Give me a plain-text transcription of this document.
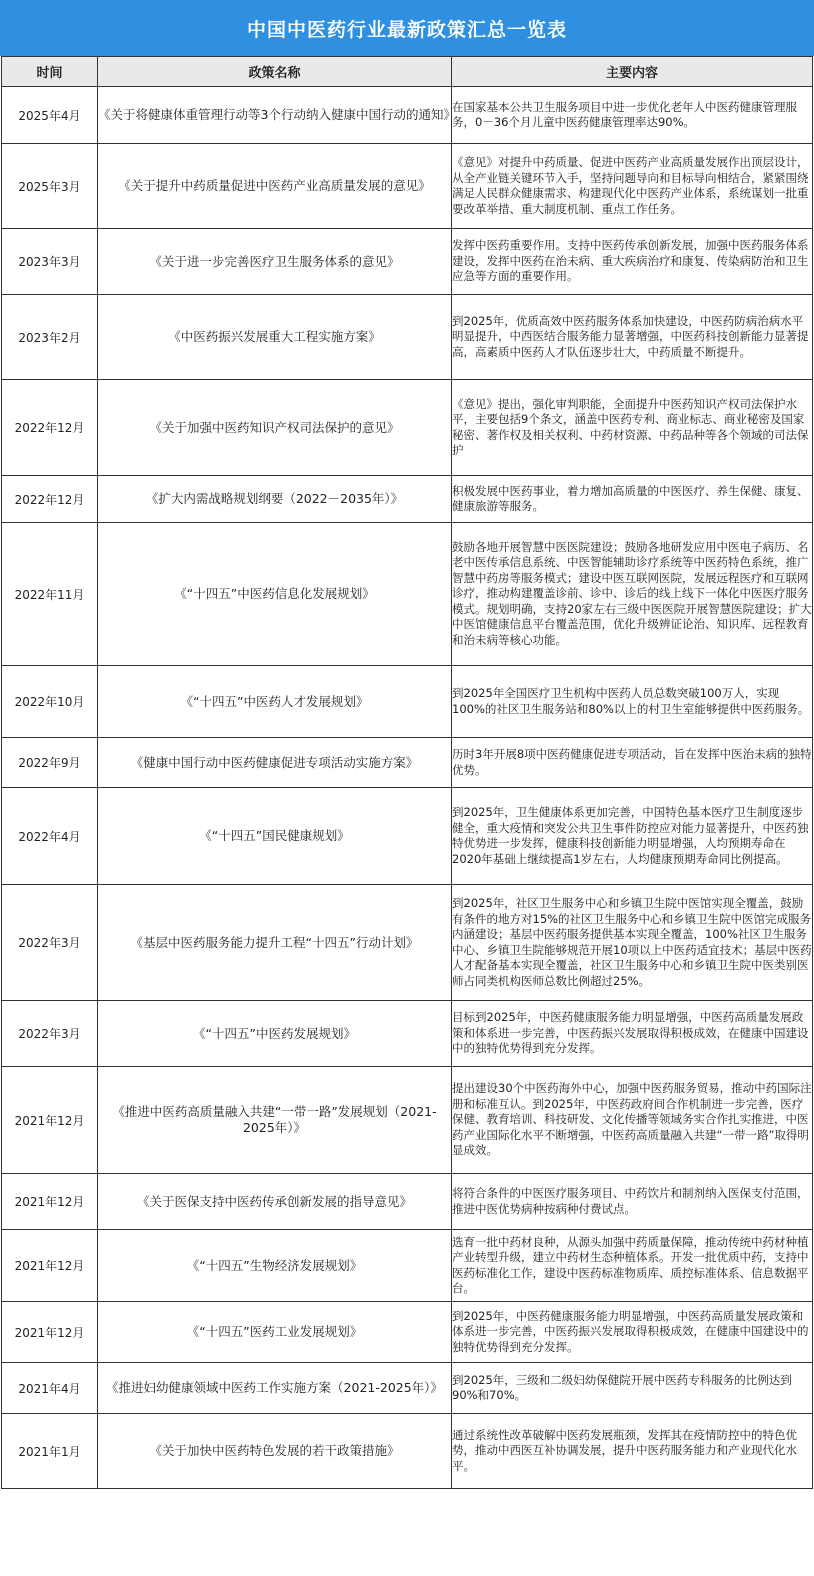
中国中医药行业最新政策汇总一览表
时间	政策名称	主要内容
2025年4月	《关于将健康体重管理行动等3个行动纳入健康中国行动的通知》	在国家基本公共卫生服务项目中进一步优化老年人中医药健康管理服务，0－36个月儿童中医药健康管理率达90%。
2025年3月	《关于提升中药质量促进中医药产业高质量发展的意见》	《意见》对提升中药质量、促进中医药产业高质量发展作出顶层设计，从全产业链关键环节入手，坚持问题导向和目标导向相结合，紧紧围绕满足人民群众健康需求、构建现代化中医药产业体系，系统谋划一批重要改革举措、重大制度机制、重点工作任务。
2023年3月	《关于进一步完善医疗卫生服务体系的意见》	发挥中医药重要作用。支持中医药传承创新发展，加强中医药服务体系建设，发挥中医药在治未病、重大疾病治疗和康复、传染病防治和卫生应急等方面的重要作用。
2023年2月	《中医药振兴发展重大工程实施方案》	到2025年，优质高效中医药服务体系加快建设，中医药防病治病水平明显提升，中西医结合服务能力显著增强，中医药科技创新能力显著提高，高素质中医药人才队伍逐步壮大，中药质量不断提升。
2022年12月	《关于加强中医药知识产权司法保护的意见》	《意见》提出，强化审判职能，全面提升中医药知识产权司法保护水平，主要包括9个条文，涵盖中医药专利、商业标志、商业秘密及国家秘密、著作权及相关权利、中药材资源、中药品种等各个领域的司法保护
2022年12月	《扩大内需战略规划纲要（2022－2035年）》	积极发展中医药事业，着力增加高质量的中医医疗、养生保健、康复、健康旅游等服务。
2022年11月	《“十四五”中医药信息化发展规划》	鼓励各地开展智慧中医医院建设；鼓励各地研发应用中医电子病历、名老中医传承信息系统、中医智能辅助诊疗系统等中医药特色系统，推广智慧中药房等服务模式；建设中医互联网医院，发展远程医疗和互联网诊疗，推动构建覆盖诊前、诊中、诊后的线上线下一体化中医医疗服务模式。规划明确，支持20家左右三级中医医院开展智慧医院建设；扩大中医馆健康信息平台覆盖范围，优化升级辨证论治、知识库、远程教育和治未病等核心功能。
2022年10月	《“十四五”中医药人才发展规划》	到2025年全国医疗卫生机构中医药人员总数突破100万人，实现100%的社区卫生服务站和80%以上的村卫生室能够提供中医药服务。
2022年9月	《健康中国行动中医药健康促进专项活动实施方案》	历时3年开展8项中医药健康促进专项活动，旨在发挥中医治未病的独特优势。
2022年4月	《“十四五”国民健康规划》	到2025年，卫生健康体系更加完善，中国特色基本医疗卫生制度逐步健全，重大疫情和突发公共卫生事件防控应对能力显著提升，中医药独特优势进一步发挥，健康科技创新能力明显增强，人均预期寿命在2020年基础上继续提高1岁左右，人均健康预期寿命同比例提高。
2022年3月	《基层中医药服务能力提升工程“十四五”行动计划》	到2025年，社区卫生服务中心和乡镇卫生院中医馆实现全覆盖，鼓励有条件的地方对15%的社区卫生服务中心和乡镇卫生院中医馆完成服务内涵建设；基层中医药服务提供基本实现全覆盖，100%社区卫生服务中心、乡镇卫生院能够规范开展10项以上中医药适宜技术；基层中医药人才配备基本实现全覆盖，社区卫生服务中心和乡镇卫生院中医类别医师占同类机构医师总数比例超过25%。
2022年3月	《“十四五”中医药发展规划》	目标到2025年，中医药健康服务能力明显增强，中医药高质量发展政策和体系进一步完善，中医药振兴发展取得积极成效，在健康中国建设中的独特优势得到充分发挥。
2021年12月	《推进中医药高质量融入共建“一带一路”发展规划（2021-2025年）》	提出建设30个中医药海外中心，加强中医药服务贸易，推动中药国际注册和标准互认。到2025年，中医药政府间合作机制进一步完善，医疗保健、教育培训、科技研发、文化传播等领域务实合作扎实推进，中医药产业国际化水平不断增强，中医药高质量融入共建“一带一路”取得明显成效。
2021年12月	《关于医保支持中医药传承创新发展的指导意见》	将符合条件的中医医疗服务项目、中药饮片和制剂纳入医保支付范围，推进中医优势病种按病种付费试点。
2021年12月	《“十四五”生物经济发展规划》	选育一批中药材良种，从源头加强中药质量保障，推动传统中药材种植产业转型升级，建立中药材生态种植体系。开发一批优质中药，支持中医药标准化工作，建设中医药标准物质库、质控标准体系、信息数据平台。
2021年12月	《“十四五”医药工业发展规划》	到2025年，中医药健康服务能力明显增强，中医药高质量发展政策和体系进一步完善，中医药振兴发展取得积极成效，在健康中国建设中的独特优势得到充分发挥。
2021年4月	《推进妇幼健康领域中医药工作实施方案（2021-2025年）》	到2025年，三级和二级妇幼保健院开展中医药专科服务的比例达到90%和70%。
2021年1月	《关于加快中医药特色发展的若干政策措施》	通过系统性改革破解中医药发展瓶颈，发挥其在疫情防控中的特色优势，推动中西医互补协调发展，提升中医药服务能力和产业现代化水平。
